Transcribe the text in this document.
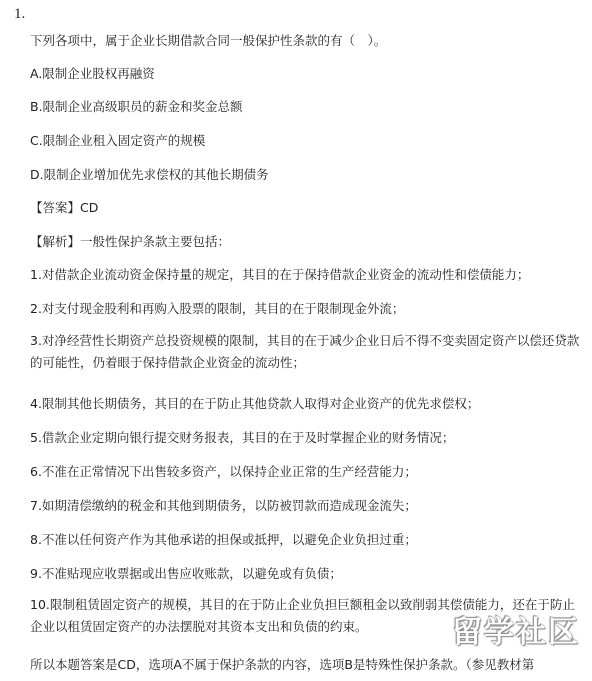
1.
下列各项中，属于企业长期借款合同一般保护性条款的有（　）。
A.限制企业股权再融资
B.限制企业高级职员的薪金和奖金总额
C.限制企业租入固定资产的规模
D.限制企业增加优先求偿权的其他长期债务
【答案】CD
【解析】一般性保护条款主要包括：
1.对借款企业流动资金保持量的规定，其目的在于保持借款企业资金的流动性和偿债能力；
2.对支付现金股利和再购入股票的限制，其目的在于限制现金外流；
3.对净经营性长期资产总投资规模的限制，其目的在于减少企业日后不得不变卖固定资产以偿还贷款的可能性，仍着眼于保持借款企业资金的流动性；
4.限制其他长期债务，其目的在于防止其他贷款人取得对企业资产的优先求偿权；
5.借款企业定期向银行提交财务报表，其目的在于及时掌握企业的财务情况；
6.不准在正常情况下出售较多资产，以保持企业正常的生产经营能力；
7.如期清偿缴纳的税金和其他到期债务，以防被罚款而造成现金流失；
8.不准以任何资产作为其他承诺的担保或抵押，以避免企业负担过重；
9.不准贴现应收票据或出售应收账款，以避免或有负债；
10.限制租赁固定资产的规模，其目的在于防止企业负担巨额租金以致削弱其偿债能力，还在于防止企业以租赁固定资产的办法摆脱对其资本支出和负债的约束。
所以本题答案是CD，选项A不属于保护条款的内容，选项B是特殊性保护条款。（参见教材第
留学社区
